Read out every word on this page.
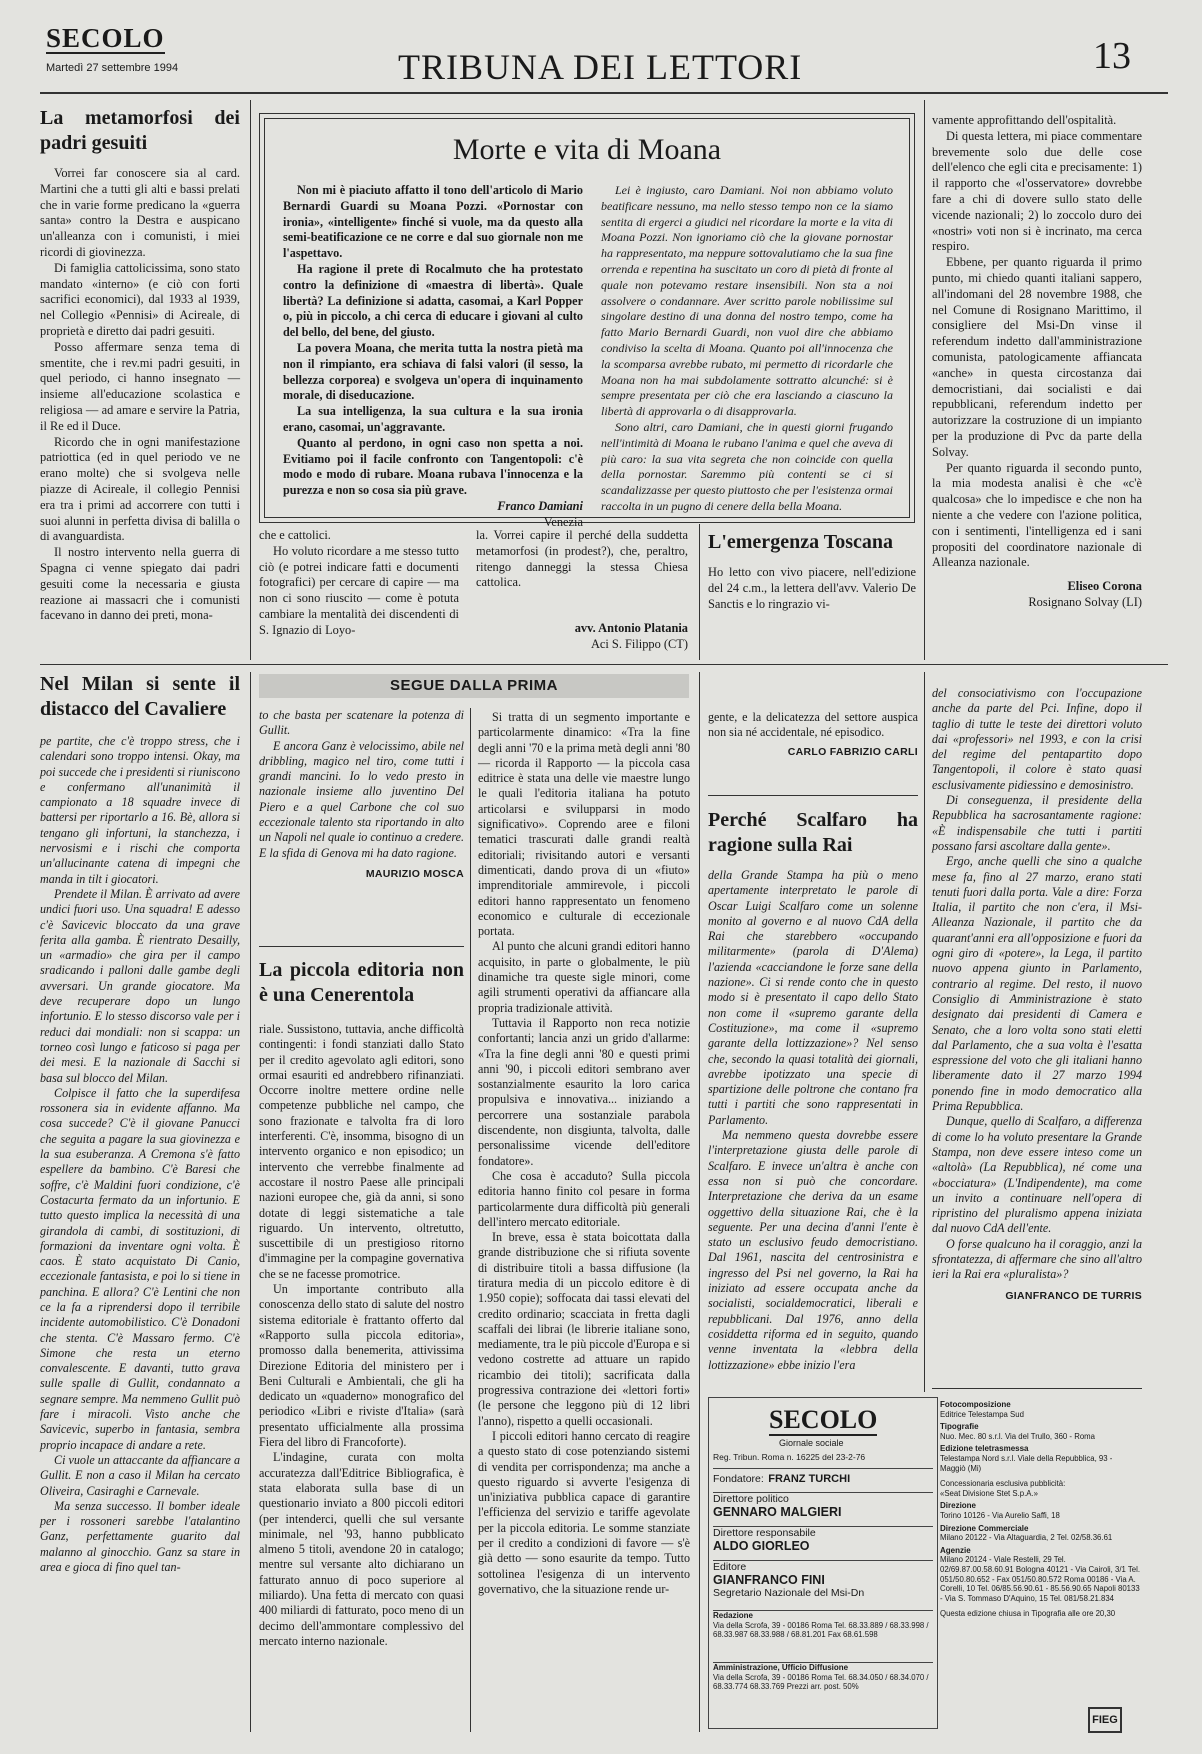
SECOLO
Martedì 27 settembre 1994	TRIBUNA DEI LETTORI	13
La metamorfosi dei padri gesuiti

Vorrei far conoscere sia al card. Martini che a tutti gli alti e bassi prelati che in varie forme predicano la «guerra santa» contro la Destra e auspicano un'alleanza con i comunisti, i miei ricordi di giovinezza.

Di famiglia cattolicissima, sono stato mandato «interno» (e ciò con forti sacrifici economici), dal 1933 al 1939, nel Collegio «Pennisi» di Acireale, di proprietà e diretto dai padri gesuiti.

Posso affermare senza tema di smentite, che i rev.mi padri gesuiti, in quel periodo, ci hanno insegnato — insieme all'educazione scolastica e religiosa — ad amare e servire la Patria, il Re ed il Duce.

Ricordo che in ogni manifestazione patriottica (ed in quel periodo ve ne erano molte) che si svolgeva nelle piazze di Acireale, il collegio Pennisi era tra i primi ad accorrere con tutti i suoi alunni in perfetta divisa di balilla o di avanguardista.

Il nostro intervento nella guerra di Spagna ci venne spiegato dai padri gesuiti come la necessaria e giusta reazione ai massacri che i comunisti facevano in danno dei preti, mona-

Morte e vita di Moana

Non mi è piaciuto affatto il tono dell'articolo di Mario Bernardi Guardi su Moana Pozzi. «Pornostar con ironia», «intelligente» finché si vuole, ma da questo alla semi-beatificazione ce ne corre e dal suo giornale non me l'aspettavo.

Ha ragione il prete di Rocalmuto che ha protestato contro la definizione di «maestra di libertà». Quale libertà? La definizione si adatta, casomai, a Karl Popper o, più in piccolo, a chi cerca di educare i giovani al culto del bello, del bene, del giusto.

La povera Moana, che merita tutta la nostra pietà ma non il rimpianto, era schiava di falsi valori (il sesso, la bellezza corporea) e svolgeva un'opera di inquinamento morale, di diseducazione.

La sua intelligenza, la sua cultura e la sua ironia erano, casomai, un'aggravante.

Quanto al perdono, in ogni caso non spetta a noi. Evitiamo poi il facile confronto con Tangentopoli: c'è modo e modo di rubare. Moana rubava l'innocenza e la purezza e non so cosa sia più grave.

Franco Damiani
Venezia

Lei è ingiusto, caro Damiani. Noi non abbiamo voluto beatificare nessuno, ma nello stesso tempo non ce la siamo sentita di ergerci a giudici nel ricordare la morte e la vita di Moana Pozzi. Non ignoriamo ciò che la giovane pornostar ha rappresentato, ma neppure sottovalutiamo che la sua fine orrenda e repentina ha suscitato un coro di pietà di fronte al quale non potevamo restare insensibili. Non sta a noi assolvere o condannare. Aver scritto parole nobilissime sul singolare destino di una donna del nostro tempo, come ha fatto Mario Bernardi Guardi, non vuol dire che abbiamo condiviso la scelta di Moana. Quanto poi all'innocenza che la scomparsa avrebbe rubato, mi permetto di ricordarle che Moana non ha mai subdolamente sottratto alcunché: si è sempre presentata per ciò che era lasciando a ciascuno la libertà di approvarla o di disapprovarla.

Sono altri, caro Damiani, che in questi giorni frugando nell'intimità di Moana le rubano l'anima e quel che aveva di più caro: la sua vita segreta che non coincide con quella della pornostar. Saremmo più contenti se ci si scandalizzasse per questo piuttosto che per l'esistenza ormai raccolta in un pugno di cenere della bella Moana.

che e cattolici.

Ho voluto ricordare a me stesso tutto ciò (e potrei indicare fatti e documenti fotografici) per cercare di capire — ma non ci sono riuscito — come è potuta cambiare la mentalità dei discendenti di S. Ignazio di Loyo-

la. Vorrei capire il perché della suddetta metamorfosi (in prodest?), che, peraltro, ritengo danneggi la stessa Chiesa cattolica.
avv. Antonio Platania
Aci S. Filippo (CT)
L'emergenza Toscana
Ho letto con vivo piacere, nell'edizione del 24 c.m., la lettera dell'avv. Valerio De Sanctis e lo ringrazio vi-
vamente approfittando dell'ospitalità.

Di questa lettera, mi piace commentare brevemente solo due delle cose dell'elenco che egli cita e precisamente: 1) il rapporto che «l'osservatore» dovrebbe fare a chi di dovere sullo stato delle vicende nazionali; 2) lo zoccolo duro dei «nostri» voti non si è incrinato, ma cerca respiro.

Ebbene, per quanto riguarda il primo punto, mi chiedo quanti italiani sappero, all'indomani del 28 novembre 1988, che nel Comune di Rosignano Marittimo, il consigliere del Msi-Dn vinse il referendum indetto dall'amministrazione comunista, patologicamente affiancata «anche» in questa circostanza dai democristiani, dai socialisti e dai repubblicani, referendum indetto per autorizzare la costruzione di un impianto per la produzione di Pvc da parte della Solvay.

Per quanto riguarda il secondo punto, la mia modesta analisi è che «c'è qualcosa» che lo impedisce e che non ha niente a che vedere con l'azione politica, con i sentimenti, l'intelligenza ed i sani propositi del coordinatore nazionale di Alleanza nazionale.

Eliseo Corona
Rosignano Solvay (LI)
Nel Milan si sente il distacco del Cavaliere
pe partite, che c'è troppo stress, che i calendari sono troppo intensi. Okay, ma poi succede che i presidenti si riuniscono e confermano all'unanimità il campionato a 18 squadre invece di battersi per riportarlo a 16. Bè, allora si tengano gli infortuni, la stanchezza, i nervosismi e i rischi che comporta un'allucinante catena di impegni che manda in tilt i giocatori.

Prendete il Milan. È arrivato ad avere undici fuori uso. Una squadra! E adesso c'è Savicevic bloccato da una grave ferita alla gamba. È rientrato Desailly, un «armadio» che gira per il campo sradicando i palloni dalle gambe degli avversari. Un grande giocatore. Ma deve recuperare dopo un lungo infortunio. E lo stesso discorso vale per i reduci dai mondiali: non si scappa: un torneo così lungo e faticoso si paga per dei mesi. E la nazionale di Sacchi si basa sul blocco del Milan.

Colpisce il fatto che la superdifesa rossonera sia in evidente affanno. Ma cosa succede? C'è il giovane Panucci che seguita a pagare la sua giovinezza e la sua esuberanza. A Cremona s'è fatto espellere da bambino. C'è Baresi che soffre, c'è Maldini fuori condizione, c'è Costacurta fermato da un infortunio. E tutto questo implica la necessità di una girandola di cambi, di sostituzioni, di formazioni da inventare ogni volta. È caos. È stato acquistato Di Canio, eccezionale fantasista, e poi lo si tiene in panchina. E allora? C'è Lentini che non ce la fa a riprendersi dopo il terribile incidente automobilistico. C'è Donadoni che stenta. C'è Massaro fermo. C'è Simone che resta un eterno convalescente. E davanti, tutto grava sulle spalle di Gullit, condannato a segnare sempre. Ma nemmeno Gullit può fare i miracoli. Visto anche che Savicevic, superbo in fantasia, sembra proprio incapace di andare a rete.

Ci vuole un attaccante da affiancare a Gullit. E non a caso il Milan ha cercato Oliveira, Casiraghi e Carnevale.

Ma senza successo. Il bomber ideale per i rossoneri sarebbe l'atalantino Ganz, perfettamente guarito dal malanno al ginocchio. Ganz sa stare in area e gioca di fino quel tan-

SEGUE DALLA PRIMA
to che basta per scatenare la potenza di Gullit.

E ancora Ganz è velocissimo, abile nel dribbling, magico nel tiro, come tutti i grandi mancini. Io lo vedo presto in nazionale insieme allo juventino Del Piero e a quel Carbone che col suo eccezionale talento sta riportando in alto un Napoli nel quale io continuo a credere. E la sfida di Genova mi ha dato ragione.

MAURIZIO MOSCA
La piccola editoria non è una Cenerentola
riale. Sussistono, tuttavia, anche difficoltà contingenti: i fondi stanziati dallo Stato per il credito agevolato agli editori, sono ormai esauriti ed andrebbero rifinanziati. Occorre inoltre mettere ordine nelle competenze pubbliche nel campo, che sono frazionate e talvolta fra di loro interferenti. C'è, insomma, bisogno di un intervento organico e non episodico; un intervento che verrebbe finalmente ad accostare il nostro Paese alle principali nazioni europee che, già da anni, si sono dotate di leggi sistematiche a tale riguardo. Un intervento, oltretutto, suscettibile di un prestigioso ritorno d'immagine per la compagine governativa che se ne facesse promotrice.

Un importante contributo alla conoscenza dello stato di salute del nostro sistema editoriale è frattanto offerto dal «Rapporto sulla piccola editoria», promosso dalla benemerita, attivissima Direzione Editoria del ministero per i Beni Culturali e Ambientali, che gli ha dedicato un «quaderno» monografico del periodico «Libri e riviste d'Italia» (sarà presentato ufficialmente alla prossima Fiera del libro di Francoforte).

L'indagine, curata con molta accuratezza dall'Editrice Bibliografica, è stata elaborata sulla base di un questionario inviato a 800 piccoli editori (per intenderci, quelli che sul versante minimale, nel '93, hanno pubblicato almeno 5 titoli, avendone 20 in catalogo; mentre sul versante alto dichiarano un fatturato annuo di poco superiore al miliardo). Una fetta di mercato con quasi 400 miliardi di fatturato, poco meno di un decimo dell'ammontare complessivo del mercato interno nazionale.

Si tratta di un segmento importante e particolarmente dinamico: «Tra la fine degli anni '70 e la prima metà degli anni '80 — ricorda il Rapporto — la piccola casa editrice è stata una delle vie maestre lungo le quali l'editoria italiana ha potuto articolarsi e svilupparsi in modo significativo». Coprendo aree e filoni tematici trascurati dalle grandi realtà editoriali; rivisitando autori e versanti dimenticati, dando prova di un «fiuto» imprenditoriale ammirevole, i piccoli editori hanno rappresentato un fenomeno economico e culturale di eccezionale portata.

Al punto che alcuni grandi editori hanno acquisito, in parte o globalmente, le più dinamiche tra queste sigle minori, come agili strumenti operativi da affiancare alla propria tradizionale attività.

Tuttavia il Rapporto non reca notizie confortanti; lancia anzi un grido d'allarme: «Tra la fine degli anni '80 e questi primi anni '90, i piccoli editori sembrano aver sostanzialmente esaurito la loro carica propulsiva e innovativa... iniziando a percorrere una sostanziale parabola discendente, non disgiunta, talvolta, dalle personalissime vicende dell'editore fondatore».

Che cosa è accaduto? Sulla piccola editoria hanno finito col pesare in forma particolarmente dura difficoltà più generali dell'intero mercato editoriale.

In breve, essa è stata boicottata dalla grande distribuzione che si rifiuta sovente di distribuire titoli a bassa diffusione (la tiratura media di un piccolo editore è di 1.950 copie); soffocata dai tassi elevati del credito ordinario; scacciata in fretta dagli scaffali dei librai (le librerie italiane sono, mediamente, tra le più piccole d'Europa e si vedono costrette ad attuare un rapido ricambio dei titoli); sacrificata dalla progressiva contrazione dei «lettori forti» (le persone che leggono più di 12 libri l'anno), rispetto a quelli occasionali.

I piccoli editori hanno cercato di reagire a questo stato di cose potenziando sistemi di vendita per corrispondenza; ma anche a questo riguardo si avverte l'esigenza di un'iniziativa pubblica capace di garantire l'efficienza del servizio e tariffe agevolate per la piccola editoria. Le somme stanziate per il credito a condizioni di favore — s'è già detto — sono esaurite da tempo. Tutto sottolinea l'esigenza di un intervento governativo, che la situazione rende ur-

gente, e la delicatezza del settore auspica non sia né accidentale, né episodico.
CARLO FABRIZIO CARLI
Perché Scalfaro ha ragione sulla Rai
della Grande Stampa ha più o meno apertamente interpretato le parole di Oscar Luigi Scalfaro come un solenne monito al governo e al nuovo CdA della Rai che starebbero «occupando militarmente» (parola di D'Alema) l'azienda «cacciandone le forze sane della nazione». Ci si rende conto che in questo modo si è presentato il capo dello Stato non come il «supremo garante della Costituzione», ma come il «supremo garante della lottizzazione»? Nel senso che, secondo la quasi totalità dei giornali, avrebbe ipotizzato una specie di spartizione delle poltrone che contano fra tutti i partiti che sono rappresentati in Parlamento.

Ma nemmeno questa dovrebbe essere l'interpretazione giusta delle parole di Scalfaro. E invece un'altra è anche con essa non si può che concordare. Interpretazione che deriva da un esame oggettivo della situazione Rai, che è la seguente. Per una decina d'anni l'ente è stato un esclusivo feudo democristiano. Dal 1961, nascita del centrosinistra e ingresso del Psi nel governo, la Rai ha iniziato ad essere occupata anche da socialisti, socialdemocratici, liberali e repubblicani. Dal 1976, anno della cosiddetta riforma ed in seguito, quando venne inventata la «lebbra della lottizzazione» ebbe inizio l'era

del consociativismo con l'occupazione anche da parte del Pci. Infine, dopo il taglio di tutte le teste dei direttori voluto dai «professori» nel 1993, e con la crisi del regime del pentapartito dopo Tangentopoli, il colore è stato quasi esclusivamente pidiessino e demosinistro.

Di conseguenza, il presidente della Repubblica ha sacrosantamente ragione: «È indispensabile che tutti i partiti possano farsi ascoltare dalla gente».

Ergo, anche quelli che sino a qualche mese fa, fino al 27 marzo, erano stati tenuti fuori dalla porta. Vale a dire: Forza Italia, il partito che non c'era, il Msi-Alleanza Nazionale, il partito che da quarant'anni era all'opposizione e fuori da ogni giro di «potere», la Lega, il partito nuovo appena giunto in Parlamento, contrario al regime. Del resto, il nuovo Consiglio di Amministrazione è stato designato dai presidenti di Camera e Senato, che a loro volta sono stati eletti dal Parlamento, che a sua volta è l'esatta espressione del voto che gli italiani hanno liberamente dato il 27 marzo 1994 ponendo fine in modo democratico alla Prima Repubblica.

Dunque, quello di Scalfaro, a differenza di come lo ha voluto presentare la Grande Stampa, non deve essere inteso come un «altolà» (La Repubblica), né come una «bocciatura» (L'Indipendente), ma come un invito a continuare nell'opera di ripristino del pluralismo appena iniziata dal nuovo CdA dell'ente.

O forse qualcuno ha il coraggio, anzi la sfrontatezza, di affermare che sino all'altro ieri la Rai era «pluralista»?

GIANFRANCO DE TURRIS
SECOLO
Giornale sociale
Reg. Tribun. Roma n. 16225 del 23-2-76
Fondatore: FRANZ TURCHI
Direttore politico
GENNARO MALGIERI
Direttore responsabile
ALDO GIORLEO
Editore
GIANFRANCO FINI
Segretario Nazionale del Msi-Dn
Redazione
Via della Scrofa, 39 - 00186 Roma Tel. 68.33.889 / 68.33.998 / 68.33.987 68.33.988 / 68.81.201 Fax 68.61.598
Amministrazione, Ufficio Diffusione
Via della Scrofa, 39 - 00186 Roma Tel. 68.34.050 / 68.34.070 / 68.33.774 68.33.769 Prezzi arr. post. 50%
Fotocomposizione
Editrice Telestampa Sud
Tipografie
Nuo. Mec. 80 s.r.l. Via del Trullo, 360 - Roma
Edizione teletrasmessa
Telestampa Nord s.r.l. Viale della Repubblica, 93 - Maggiò (Mi)
Concessionaria esclusiva pubblicità:
«Seat Divisione Stet S.p.A.»
Direzione
Torino 10126 - Via Aurelio Saffi, 18
Direzione Commerciale
Milano 20122 - Via Altaguardia, 2 Tel. 02/58.36.61
Agenzie
Milano 20124 - Viale Restelli, 29 Tel. 02/69.87.00.58.60.91 Bologna 40121 - Via Cairoli, 3/1 Tel. 051/50.80.652 - Fax 051/50.80.572 Roma 00186 - Via A. Corelli, 10 Tel. 06/85.56.90.61 - 85.56.90.65 Napoli 80133 - Via S. Tommaso D'Aquino, 15 Tel. 081/58.21.834
Questa edizione chiusa in Tipografia alle ore 20,30
FIEG
